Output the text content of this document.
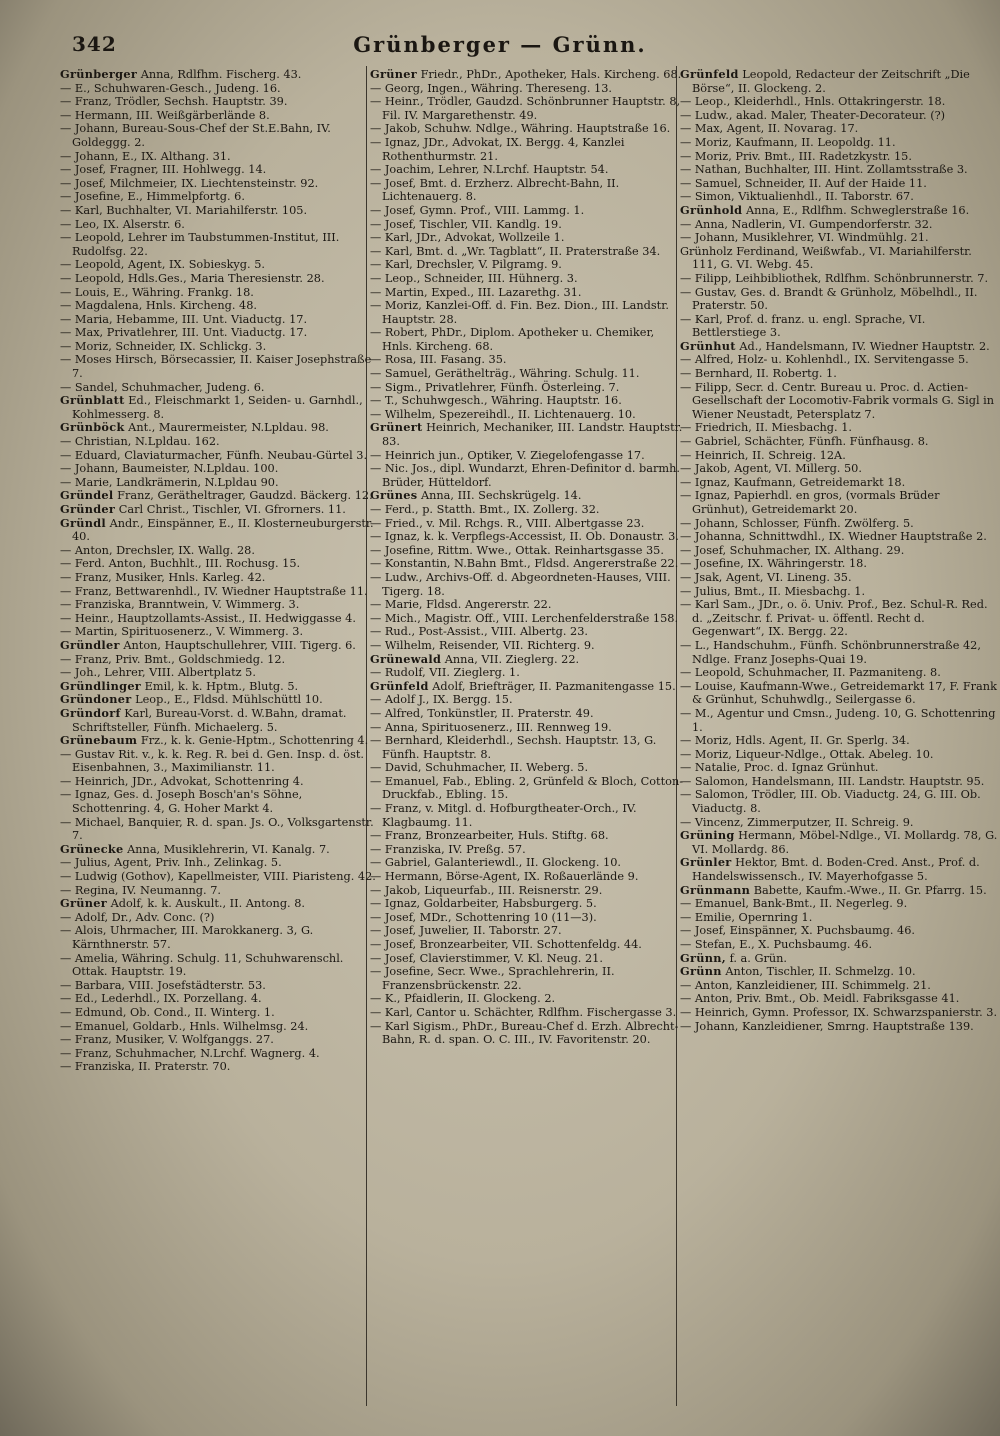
342	Grünberger — Grünn.

Grünberger Anna, Rdlfhm. Fischerg. 43.

— E., Schuhwaren-Gesch., Judeng. 16.

— Franz, Trödler, Sechsh. Hauptstr. 39.

— Hermann, III. Weißgärberlände 8.

— Johann, Bureau-Sous-Chef der St.E.Bahn, IV. Goldeggg. 2.

— Johann, E., IX. Althang. 31.

— Josef, Fragner, III. Hohlwegg. 14.

— Josef, Milchmeier, IX. Liechtensteinstr. 92.

— Josefine, E., Himmelpfortg. 6.

— Karl, Buchhalter, VI. Mariahilferstr. 105.

— Leo, IX. Alserstr. 6.

— Leopold, Lehrer im Taubstummen-Institut, III. Rudolfsg. 22.

— Leopold, Agent, IX. Sobieskyg. 5.

— Leopold, Hdls.Ges., Maria Theresienstr. 28.

— Louis, E., Währing. Frankg. 18.

— Magdalena, Hnls. Kircheng. 48.

— Maria, Hebamme, III. Unt. Viaductg. 17.

— Max, Privatlehrer, III. Unt. Viaductg. 17.

— Moriz, Schneider, IX. Schlickg. 3.

— Moses Hirsch, Börsecassier, II. Kaiser Josephstraße 7.

— Sandel, Schuhmacher, Judeng. 6.

Grünblatt Ed., Fleischmarkt 1, Seiden- u. Garnhdl., Kohlmesserg. 8.

Grünböck Ant., Maurermeister, N.Lpldau. 98.

— Christian, N.Lpldau. 162.

— Eduard, Claviaturmacher, Fünfh. Neubau-Gürtel 3.

— Johann, Baumeister, N.Lpldau. 100.

— Marie, Landkrämerin, N.Lpldau 90.

Gründel Franz, Gerätheltrager, Gaudzd. Bäckerg. 12.

Gründer Carl Christ., Tischler, VI. Gfrorners. 11.

Gründl Andr., Einspänner, E., II. Klosterneuburgerstr. 40.

— Anton, Drechsler, IX. Wallg. 28.

— Ferd. Anton, Buchhlt., III. Rochusg. 15.

— Franz, Musiker, Hnls. Karleg. 42.

— Franz, Bettwarenhdl., IV. Wiedner Hauptstraße 11.

— Franziska, Branntwein, V. Wimmerg. 3.

— Heinr., Hauptzollamts-Assist., II. Hedwiggasse 4.

— Martin, Spirituosenerz., V. Wimmerg. 3.

Gründler Anton, Hauptschullehrer, VIII. Tigerg. 6.

— Franz, Priv. Bmt., Goldschmiedg. 12.

— Joh., Lehrer, VIII. Albertplatz 5.

Gründlinger Emil, k. k. Hptm., Blutg. 5.

Gründoner Leop., E., Fldsd. Mühlschüttl 10.

Gründorf Karl, Bureau-Vorst. d. W.Bahn, dramat. Schriftsteller, Fünfh. Michaelerg. 5.

Grünebaum Frz., k. k. Genie-Hptm., Schottenring 4.

— Gustav Rit. v., k. k. Reg. R. bei d. Gen. Insp. d. öst. Eisenbahnen, 3., Maximilianstr. 11.

— Heinrich, JDr., Advokat, Schottenring 4.

— Ignaz, Ges. d. Joseph Bosch'an's Söhne, Schottenring. 4, G. Hoher Markt 4.

— Michael, Banquier, R. d. span. Js. O., Volksgartenstr. 7.

Grünecke Anna, Musiklehrerin, VI. Kanalg. 7.

— Julius, Agent, Priv. Inh., Zelinkag. 5.

— Ludwig (Gothov), Kapellmeister, VIII. Piaristeng. 42.

— Regina, IV. Neumanng. 7.

Grüner Adolf, k. k. Auskult., II. Antong. 8.

— Adolf, Dr., Adv. Conc. (?)

— Alois, Uhrmacher, III. Marokkanerg. 3, G. Kärnthnerstr. 57.

— Amelia, Währing. Schulg. 11, Schuhwarenschl. Ottak. Hauptstr. 19.

— Barbara, VIII. Josefstädterstr. 53.

— Ed., Lederhdl., IX. Porzellang. 4.

— Edmund, Ob. Cond., II. Winterg. 1.

— Emanuel, Goldarb., Hnls. Wilhelmsg. 24.

— Franz, Musiker, V. Wolfganggs. 27.

— Franz, Schuhmacher, N.Lrchf. Wagnerg. 4.

— Franziska, II. Praterstr. 70.

Grüner Friedr., PhDr., Apotheker, Hals. Kircheng. 68.

— Georg, Ingen., Währing. Thereseng. 13.

— Heinr., Trödler, Gaudzd. Schönbrunner Hauptstr. 8, Fil. IV. Margarethenstr. 49.

— Jakob, Schuhw. Ndlge., Währing. Hauptstraße 16.

— Ignaz, JDr., Advokat, IX. Bergg. 4, Kanzlei Rothenthurmstr. 21.

— Joachim, Lehrer, N.Lrchf. Hauptstr. 54.

— Josef, Bmt. d. Erzherz. Albrecht-Bahn, II. Lichtenauerg. 8.

— Josef, Gymn. Prof., VIII. Lammg. 1.

— Josef, Tischler, VII. Kandlg. 19.

— Karl, JDr., Advokat, Wollzeile 1.

— Karl, Bmt. d. „Wr. Tagblatt“, II. Praterstraße 34.

— Karl, Drechsler, V. Pilgramg. 9.

— Leop., Schneider, III. Hühnerg. 3.

— Martin, Exped., III. Lazarethg. 31.

— Moriz, Kanzlei-Off. d. Fin. Bez. Dion., III. Landstr. Hauptstr. 28.

— Robert, PhDr., Diplom. Apotheker u. Chemiker, Hnls. Kircheng. 68.

— Rosa, III. Fasang. 35.

— Samuel, Geräthelträg., Währing. Schulg. 11.

— Sigm., Privatlehrer, Fünfh. Österleing. 7.

— T., Schuhwgesch., Währing. Hauptstr. 16.

— Wilhelm, Spezereihdl., II. Lichtenauerg. 10.

Grünert Heinrich, Mechaniker, III. Landstr. Hauptstr. 83.

— Heinrich jun., Optiker, V. Ziegelofengasse 17.

— Nic. Jos., dipl. Wundarzt, Ehren-Definitor d. barmh. Brüder, Hütteldorf.

Grünes Anna, III. Sechskrügelg. 14.

— Ferd., p. Statth. Bmt., IX. Zollerg. 32.

— Fried., v. Mil. Rchgs. R., VIII. Albertgasse 23.

— Ignaz, k. k. Verpflegs-Accessist, II. Ob. Donaustr. 3.

— Josefine, Rittm. Wwe., Ottak. Reinhartsgasse 35.

— Konstantin, N.Bahn Bmt., Fldsd. Angererstraße 22.

— Ludw., Archivs-Off. d. Abgeordneten-Hauses, VIII. Tigerg. 18.

— Marie, Fldsd. Angererstr. 22.

— Mich., Magistr. Off., VIII. Lerchenfelderstraße 158.

— Rud., Post-Assist., VIII. Albertg. 23.

— Wilhelm, Reisender, VII. Richterg. 9.

Grünewald Anna, VII. Zieglerg. 22.

— Rudolf, VII. Zieglerg. 1.

Grünfeld Adolf, Briefträger, II. Pazmanitengasse 15.

— Adolf J., IX. Bergg. 15.

— Alfred, Tonkünstler, II. Praterstr. 49.

— Anna, Spirituosenerz., III. Rennweg 19.

— Bernhard, Kleiderhdl., Sechsh. Hauptstr. 13, G. Fünfh. Hauptstr. 8.

— David, Schuhmacher, II. Weberg. 5.

— Emanuel, Fab., Ebling. 2, Grünfeld & Bloch, Cotton-Druckfab., Ebling. 15.

— Franz, v. Mitgl. d. Hofburgtheater-Orch., IV. Klagbaumg. 11.

— Franz, Bronzearbeiter, Huls. Stiftg. 68.

— Franziska, IV. Preßg. 57.

— Gabriel, Galanteriewdl., II. Glockeng. 10.

— Hermann, Börse-Agent, IX. Roßauerlände 9.

— Jakob, Liqueurfab., III. Reisnerstr. 29.

— Ignaz, Goldarbeiter, Habsburgerg. 5.

— Josef, MDr., Schottenring 10 (11—3).

— Josef, Juwelier, II. Taborstr. 27.

— Josef, Bronzearbeiter, VII. Schottenfeldg. 44.

— Josef, Clavierstimmer, V. Kl. Neug. 21.

— Josefine, Secr. Wwe., Sprachlehrerin, II. Franzensbrückenstr. 22.

— K., Pfaidlerin, II. Glockeng. 2.

— Karl, Cantor u. Schächter, Rdlfhm. Fischergasse 3.

— Karl Sigism., PhDr., Bureau-Chef d. Erzh. Albrecht-Bahn, R. d. span. O. C. III., IV. Favoritenstr. 20.

Grünfeld Leopold, Redacteur der Zeitschrift „Die Börse“, II. Glockeng. 2.

— Leop., Kleiderhdl., Hnls. Ottakringerstr. 18.

— Ludw., akad. Maler, Theater-Decorateur. (?)

— Max, Agent, II. Novarag. 17.

— Moriz, Kaufmann, II. Leopoldg. 11.

— Moriz, Priv. Bmt., III. Radetzkystr. 15.

— Nathan, Buchhalter, III. Hint. Zollamtsstraße 3.

— Samuel, Schneider, II. Auf der Haide 11.

— Simon, Viktualienhdl., II. Taborstr. 67.

Grünhold Anna, E., Rdlfhm. Schweglerstraße 16.

— Anna, Nadlerin, VI. Gumpendorferstr. 32.

— Johann, Musiklehrer, VI. Windmühlg. 21.

Grünholz Ferdinand, Weißwfab., VI. Mariahilferstr. 111, G. VI. Webg. 45.

— Filipp, Leihbibliothek, Rdlfhm. Schönbrunnerstr. 7.

— Gustav, Ges. d. Brandt & Grünholz, Möbelhdl., II. Praterstr. 50.

— Karl, Prof. d. franz. u. engl. Sprache, VI. Bettlerstiege 3.

Grünhut Ad., Handelsmann, IV. Wiedner Hauptstr. 2.

— Alfred, Holz- u. Kohlenhdl., IX. Servitengasse 5.

— Bernhard, II. Robertg. 1.

— Filipp, Secr. d. Centr. Bureau u. Proc. d. Actien-Gesellschaft der Locomotiv-Fabrik vormals G. Sigl in Wiener Neustadt, Petersplatz 7.

— Friedrich, II. Miesbachg. 1.

— Gabriel, Schächter, Fünfh. Fünfhausg. 8.

— Heinrich, II. Schreig. 12A.

— Jakob, Agent, VI. Millerg. 50.

— Ignaz, Kaufmann, Getreidemarkt 18.

— Ignaz, Papierhdl. en gros, (vormals Brüder Grünhut), Getreidemarkt 20.

— Johann, Schlosser, Fünfh. Zwölferg. 5.

— Johanna, Schnittwdhl., IX. Wiedner Hauptstraße 2.

— Josef, Schuhmacher, IX. Althang. 29.

— Josefine, IX. Währingerstr. 18.

— Jsak, Agent, VI. Lineng. 35.

— Julius, Bmt., II. Miesbachg. 1.

— Karl Sam., JDr., o. ö. Univ. Prof., Bez. Schul-R. Red. d. „Zeitschr. f. Privat- u. öffentl. Recht d. Gegenwart“, IX. Bergg. 22.

— L., Handschuhm., Fünfh. Schönbrunnerstraße 42, Ndlge. Franz Josephs-Quai 19.

— Leopold, Schuhmacher, II. Pazmaniteng. 8.

— Louise, Kaufmann-Wwe., Getreidemarkt 17, F. Frank & Grünhut, Schuhwdlg., Seilergasse 6.

— M., Agentur und Cmsn., Judeng. 10, G. Schottenring 1.

— Moriz, Hdls. Agent, II. Gr. Sperlg. 34.

— Moriz, Liqueur-Ndlge., Ottak. Abeleg. 10.

— Natalie, Proc. d. Ignaz Grünhut.

— Salomon, Handelsmann, III. Landstr. Hauptstr. 95.

— Salomon, Trödler, III. Ob. Viaductg. 24, G. III. Ob. Viaductg. 8.

— Vincenz, Zimmerputzer, II. Schreig. 9.

Grüning Hermann, Möbel-Ndlge., VI. Mollardg. 78, G. VI. Mollardg. 86.

Grünler Hektor, Bmt. d. Boden-Cred. Anst., Prof. d. Handelswissensch., IV. Mayerhofgasse 5.

Grünmann Babette, Kaufm.-Wwe., II. Gr. Pfarrg. 15.

— Emanuel, Bank-Bmt., II. Negerleg. 9.

— Emilie, Opernring 1.

— Josef, Einspänner, X. Puchsbaumg. 46.

— Stefan, E., X. Puchsbaumg. 46.

Grünn, f. a. Grün.

Grünn Anton, Tischler, II. Schmelzg. 10.

— Anton, Kanzleidiener, III. Schimmelg. 21.

— Anton, Priv. Bmt., Ob. Meidl. Fabriksgasse 41.

— Heinrich, Gymn. Professor, IX. Schwarzspanierstr. 3.

— Johann, Kanzleidiener, Smrng. Hauptstraße 139.
